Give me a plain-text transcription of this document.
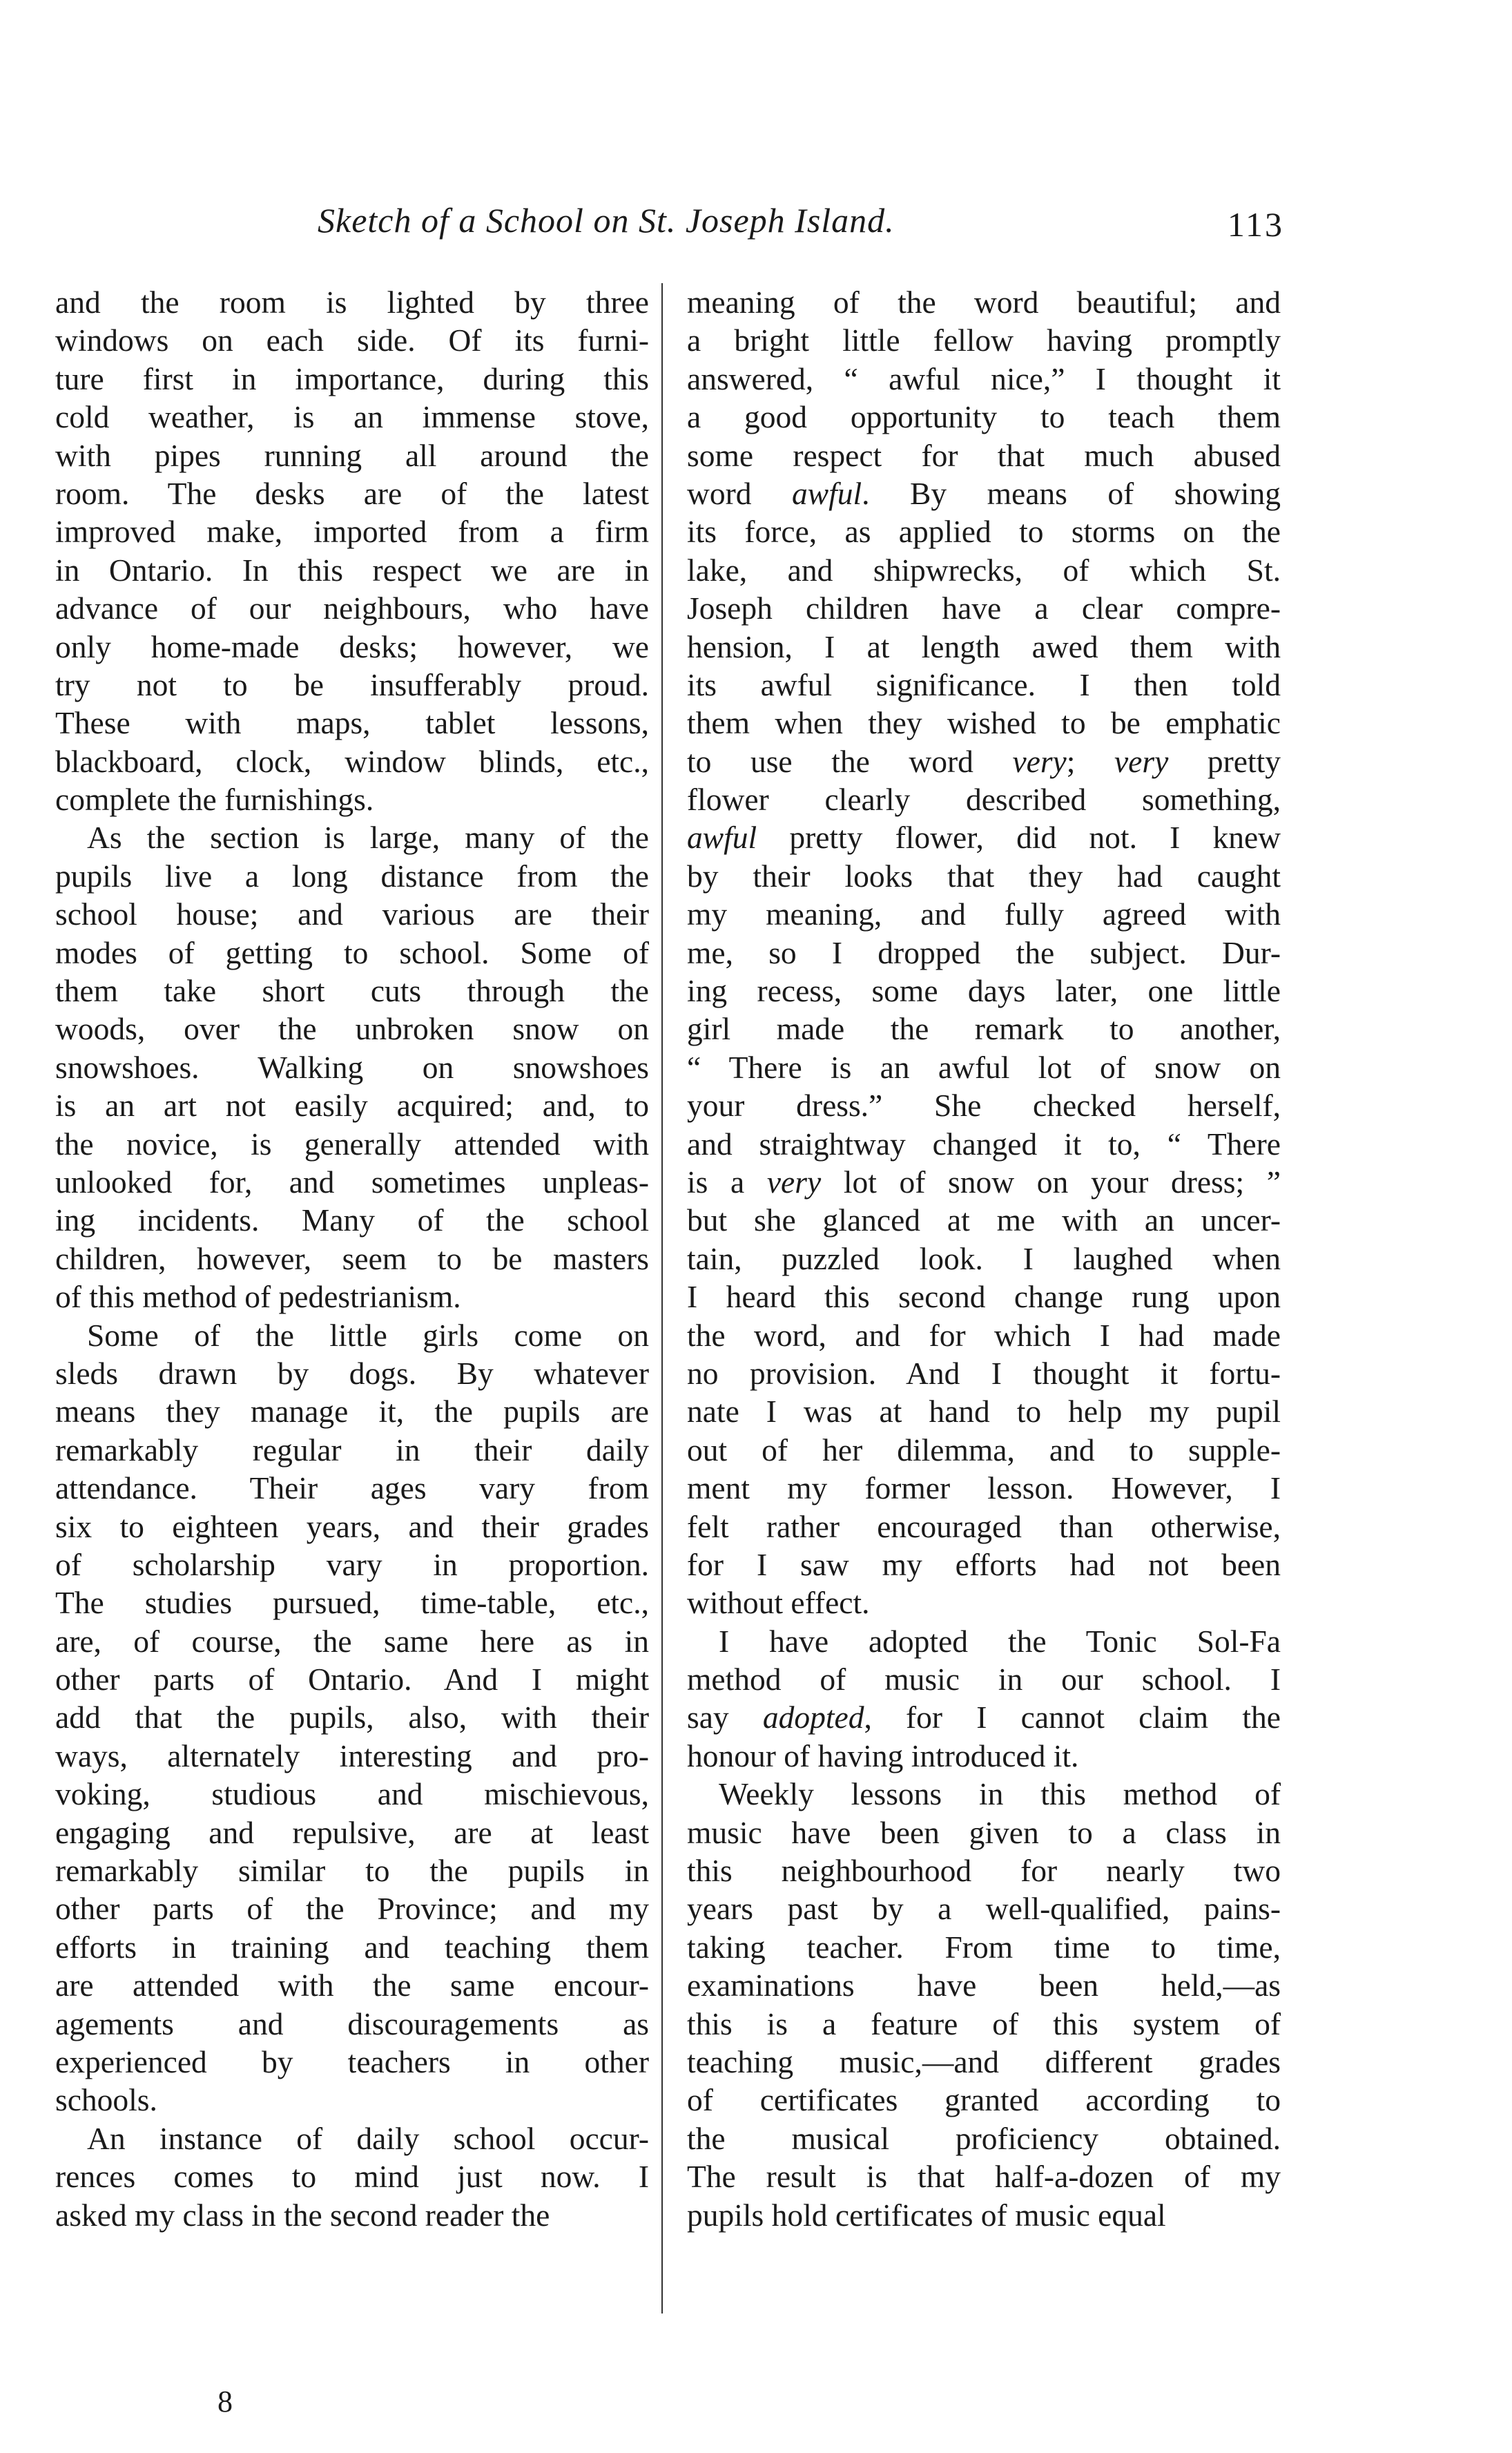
Sketch of a School on St. Joseph Island.	113
and the room is lighted by three
windows on each side. Of its furni-
ture first in importance, during this
cold weather, is an immense stove,
with pipes running all around the
room. The desks are of the latest
improved make, imported from a firm
in Ontario. In this respect we are in
advance of our neighbours, who have
only home-made desks; however, we
try not to be insufferably proud.
These with maps, tablet lessons,
blackboard, clock, window blinds, etc.,
complete the furnishings.
As the section is large, many of the
pupils live a long distance from the
school house; and various are their
modes of getting to school. Some of
them take short cuts through the
woods, over the unbroken snow on
snowshoes. Walking on snowshoes
is an art not easily acquired; and, to
the novice, is generally attended with
unlooked for, and sometimes unpleas-
ing incidents. Many of the school
children, however, seem to be masters
of this method of pedestrianism.
Some of the little girls come on
sleds drawn by dogs. By whatever
means they manage it, the pupils are
remarkably regular in their daily
attendance. Their ages vary from
six to eighteen years, and their grades
of scholarship vary in proportion.
The studies pursued, time-table, etc.,
are, of course, the same here as in
other parts of Ontario. And I might
add that the pupils, also, with their
ways, alternately interesting and pro-
voking, studious and mischievous,
engaging and repulsive, are at least
remarkably similar to the pupils in
other parts of the Province; and my
efforts in training and teaching them
are attended with the same encour-
agements and discouragements as
experienced by teachers in other
schools.
An instance of daily school occur-
rences comes to mind just now. I
asked my class in the second reader the
meaning of the word beautiful; and
a bright little fellow having promptly
answered, “ awful nice,” I thought it
a good opportunity to teach them
some respect for that much abused
word awful. By means of showing
its force, as applied to storms on the
lake, and shipwrecks, of which St.
Joseph children have a clear compre-
hension, I at length awed them with
its awful significance. I then told
them when they wished to be emphatic
to use the word very; very pretty
flower clearly described something,
awful pretty flower, did not. I knew
by their looks that they had caught
my meaning, and fully agreed with
me, so I dropped the subject. Dur-
ing recess, some days later, one little
girl made the remark to another,
“ There is an awful lot of snow on
your dress.” She checked herself,
and straightway changed it to, “ There
is a very lot of snow on your dress; ”
but she glanced at me with an uncer-
tain, puzzled look. I laughed when
I heard this second change rung upon
the word, and for which I had made
no provision. And I thought it fortu-
nate I was at hand to help my pupil
out of her dilemma, and to supple-
ment my former lesson. However, I
felt rather encouraged than otherwise,
for I saw my efforts had not been
without effect.
I have adopted the Tonic Sol-Fa
method of music in our school. I
say adopted, for I cannot claim the
honour of having introduced it.
Weekly lessons in this method of
music have been given to a class in
this neighbourhood for nearly two
years past by a well-qualified, pains-
taking teacher. From time to time,
examinations have been held,—as
this is a feature of this system of
teaching music,—and different grades
of certificates granted according to
the musical proficiency obtained.
The result is that half-a-dozen of my
pupils hold certificates of music equal
8
